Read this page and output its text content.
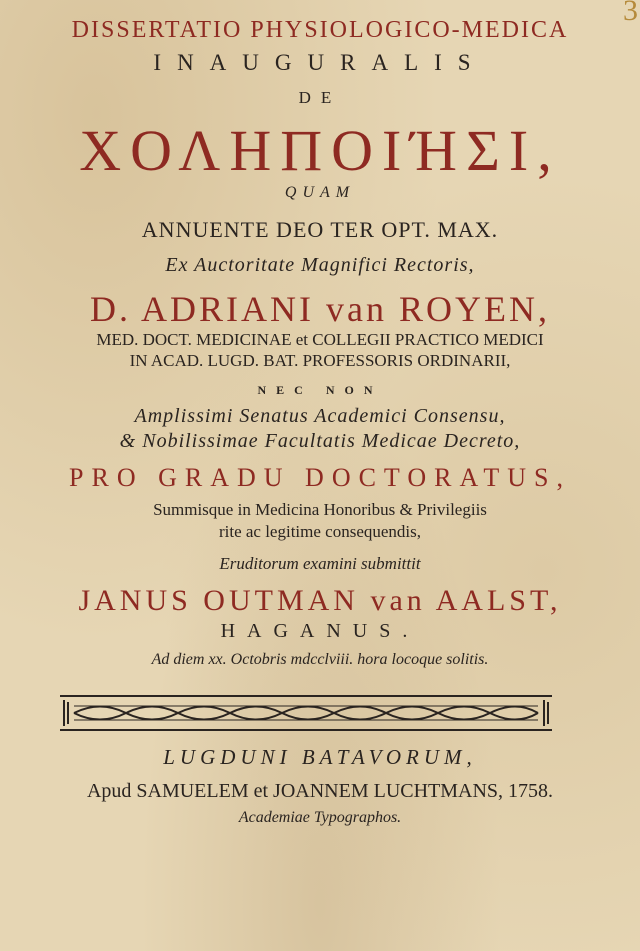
3
DISSERTATIO PHYSIOLOGICO-MEDICA
INAUGURALIS
DE
ΧΟΛΗΠΟΙΉΣΙ,
QUAM
ANNUENTE DEO TER OPT. MAX.
Ex Auctoritate Magnifici Rectoris,
D. ADRIANI van ROYEN,
MED. DOCT. MEDICINAE et COLLEGII PRACTICO MEDICI
IN ACAD. LUGD. BAT. PROFESSORIS ORDINARII,
NEC NON
Amplissimi Senatus Academici Consensu,
& Nobilissimae Facultatis Medicae Decreto,
PRO GRADU DOCTORATUS,
Summisque in Medicina Honoribus & Privilegiis
rite ac legitime consequendis,
Eruditorum examini submittit
JANUS OUTMAN van AALST,
HAGANUS.
Ad diem xx. Octobris mdcclviii. hora locoque solitis.
LUGDUNI BATAVORUM,
Apud SAMUELEM et JOANNEM LUCHTMANS, 1758.
Academiae Typographos.
